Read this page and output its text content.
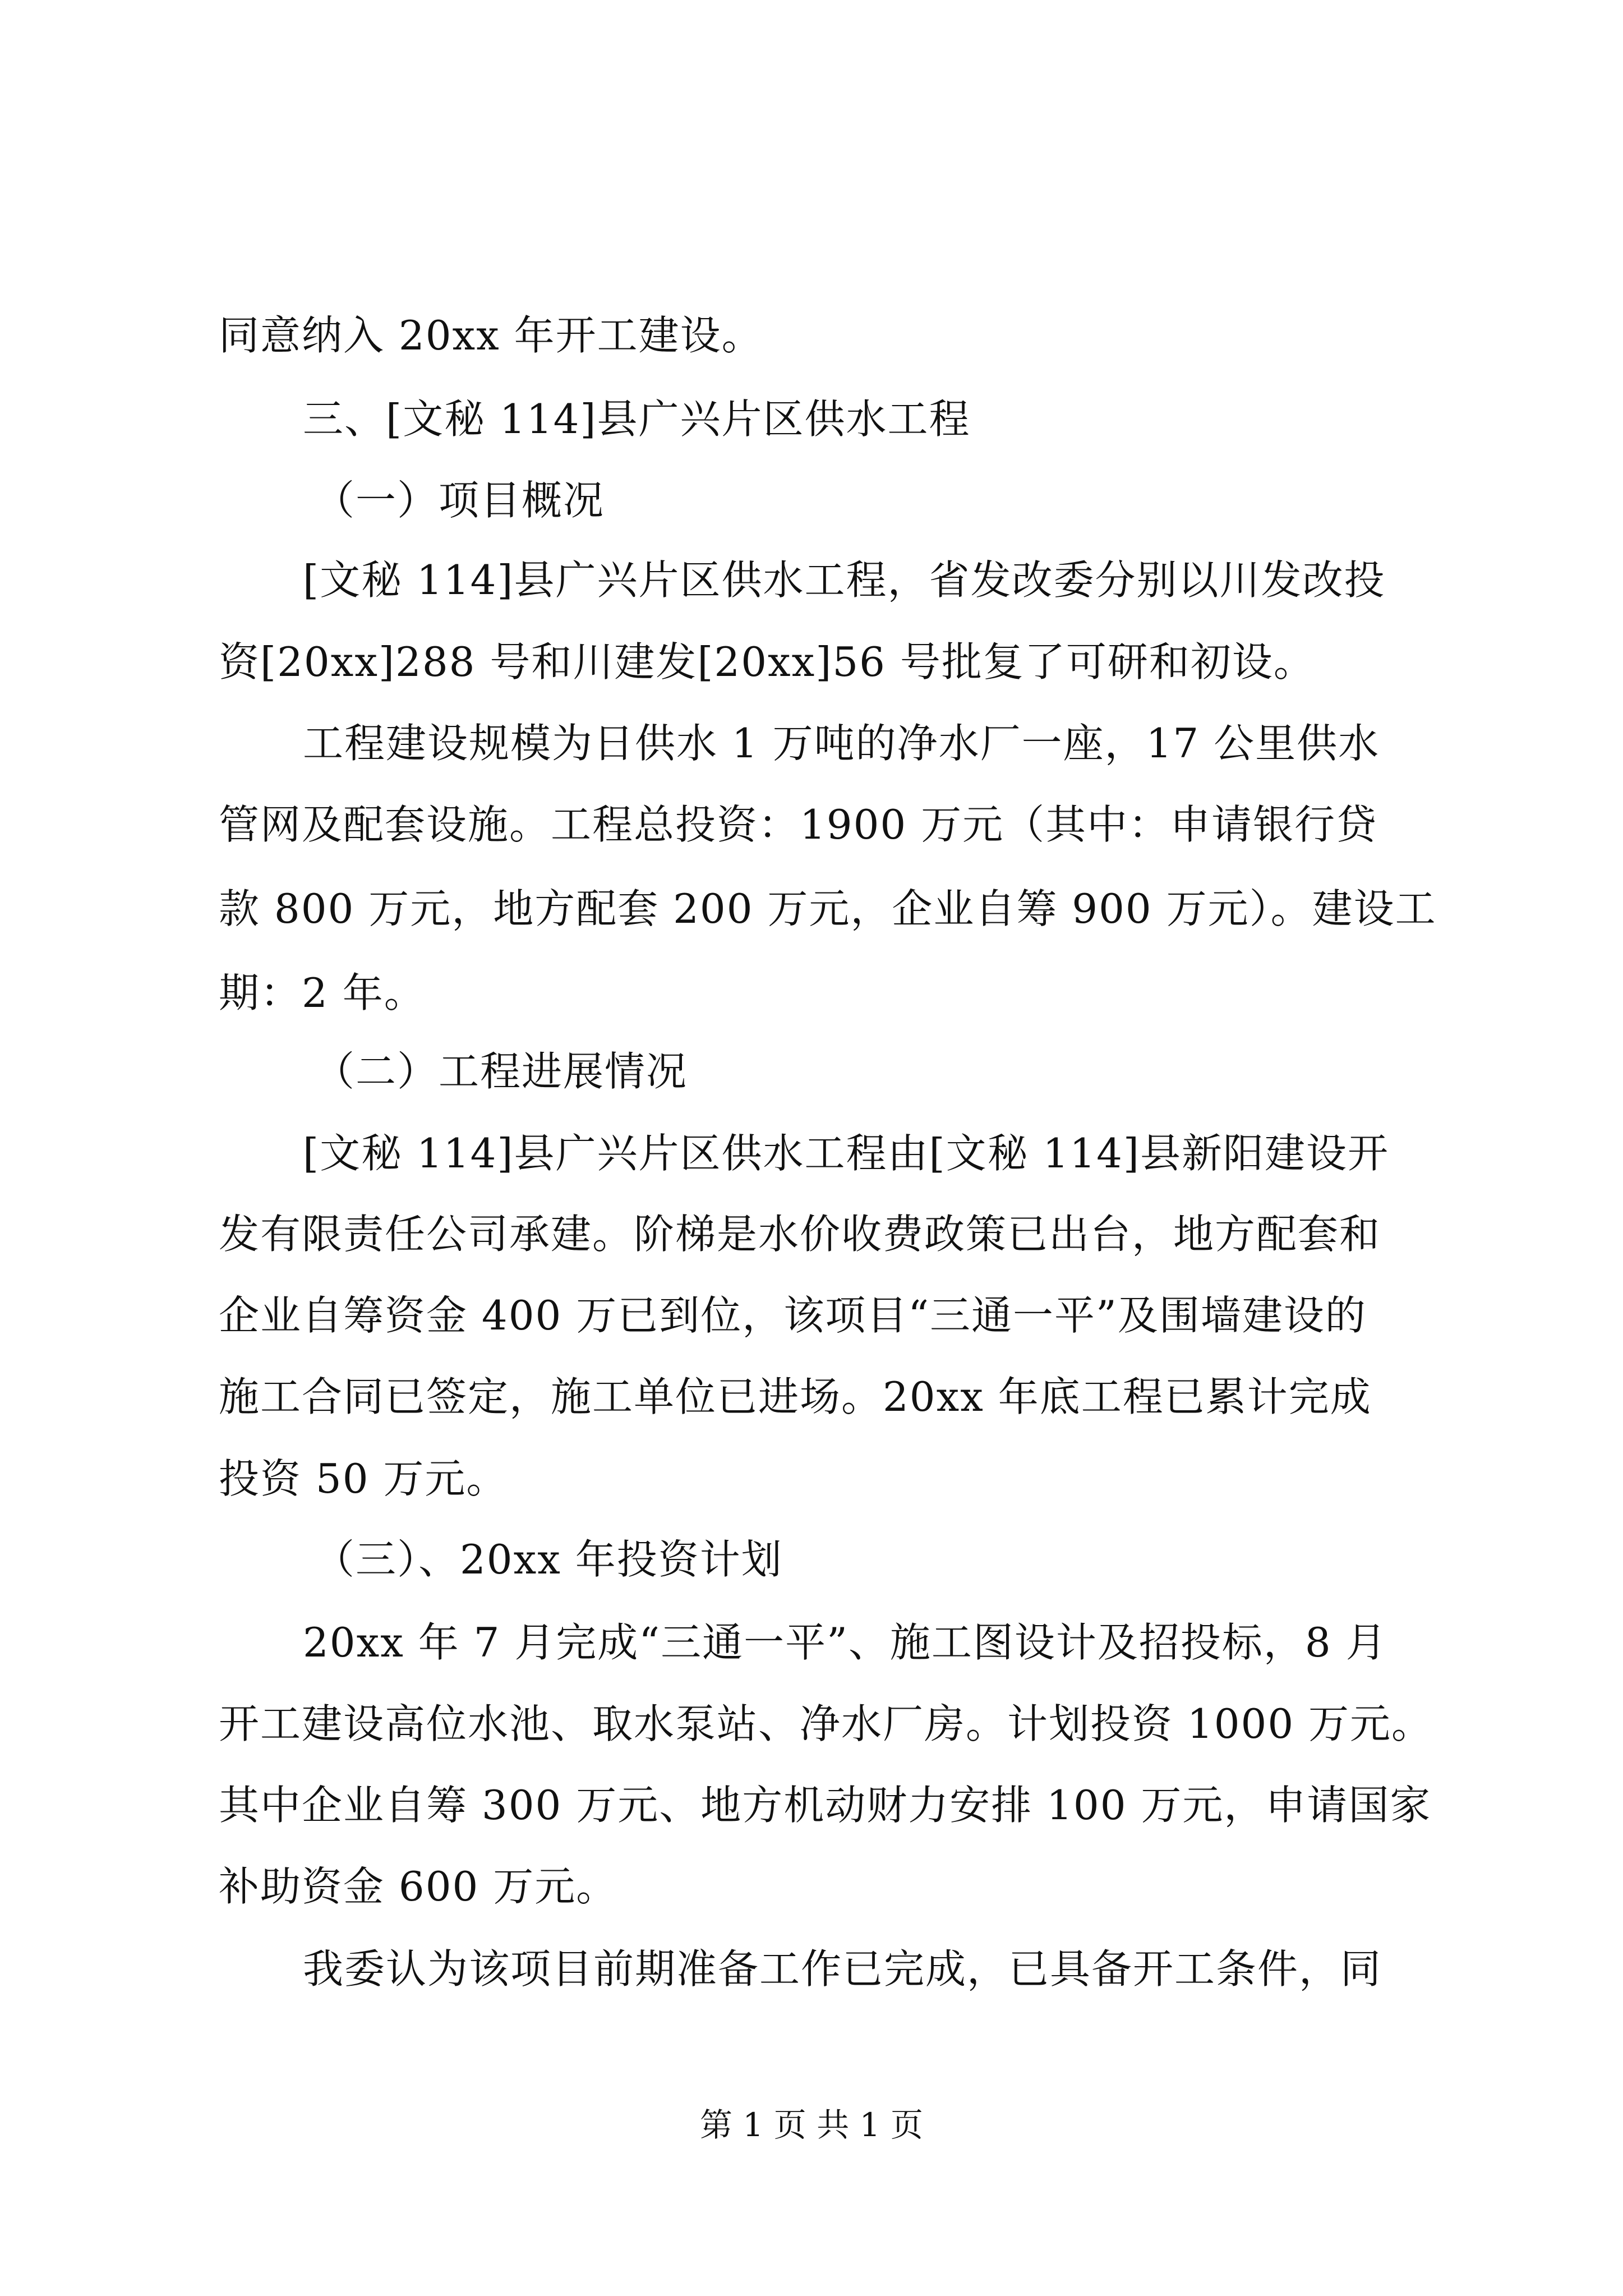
同意纳入 20xx 年开工建设。
三、[文秘 114]县广兴片区供水工程
（一）项目概况
[文秘 114]县广兴片区供水工程，省发改委分别以川发改投
资[20xx]288 号和川建发[20xx]56 号批复了可研和初设。
工程建设规模为日供水 1 万吨的净水厂一座，17 公里供水
管网及配套设施。工程总投资：1900 万元（其中：申请银行贷
款 800 万元，地方配套 200 万元，企业自筹 900 万元）。建设工
期：2 年。
（二）工程进展情况
[文秘 114]县广兴片区供水工程由[文秘 114]县新阳建设开
发有限责任公司承建。阶梯是水价收费政策已出台，地方配套和
企业自筹资金 400 万已到位，该项目“三通一平”及围墙建设的
施工合同已签定，施工单位已进场。20xx 年底工程已累计完成
投资 50 万元。
（三）、20xx 年投资计划
20xx 年 7 月完成“三通一平”、施工图设计及招投标，8 月
开工建设高位水池、取水泵站、净水厂房。计划投资 1000 万元。
其中企业自筹 300 万元、地方机动财力安排 100 万元，申请国家
补助资金 600 万元。
我委认为该项目前期准备工作已完成，已具备开工条件，同
第 1 页 共 1 页
